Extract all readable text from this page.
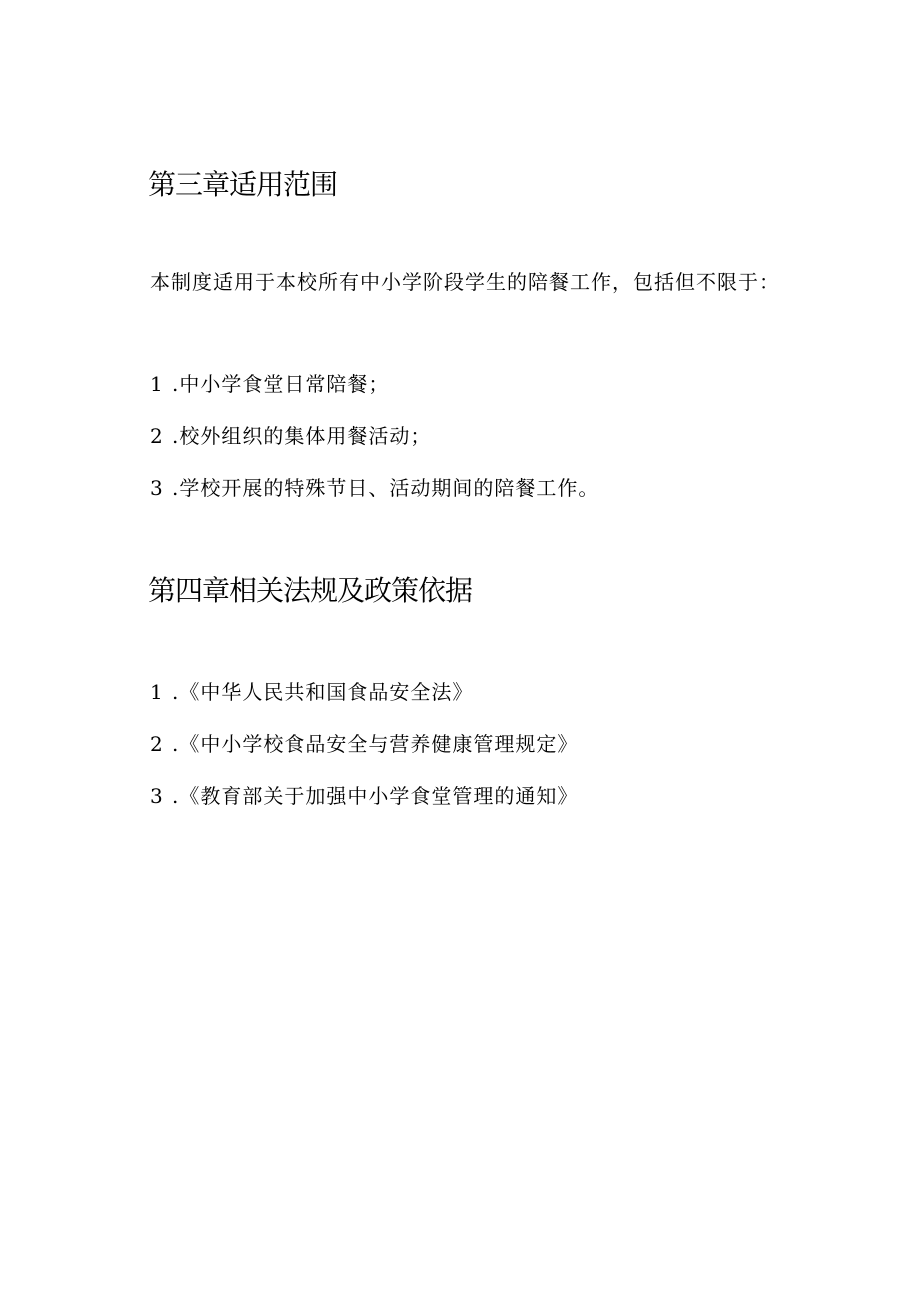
第三章适用范围

本制度适用于本校所有中小学阶段学生的陪餐工作，包括但不限于：

1 .中小学食堂日常陪餐；

2 .校外组织的集体用餐活动；

3 .学校开展的特殊节日、活动期间的陪餐工作。

第四章相关法规及政策依据

1 .《中华人民共和国食品安全法》

2 .《中小学校食品安全与营养健康管理规定》

3 .《教育部关于加强中小学食堂管理的通知》
